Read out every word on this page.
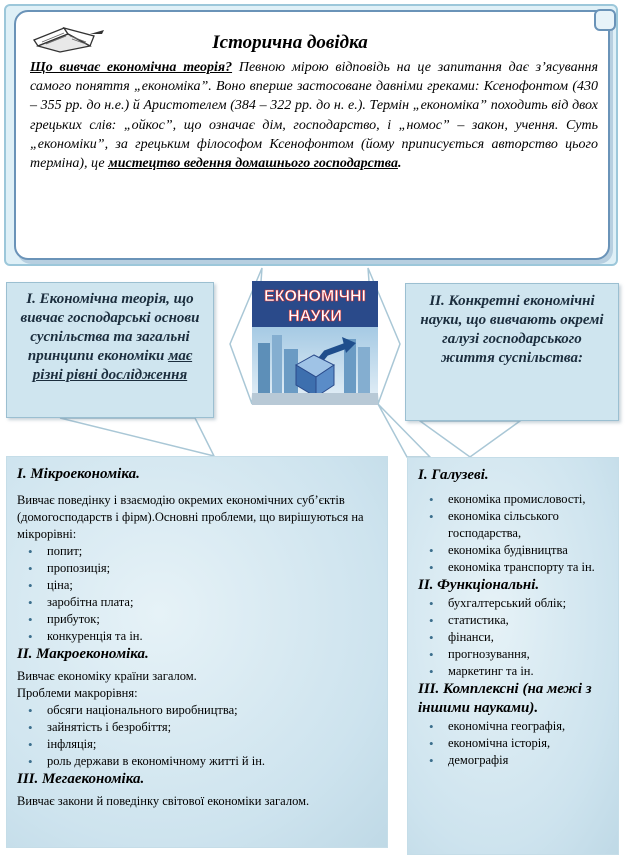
Історична довідка
Що вивчає економічна теорія? Певною мірою відповідь на це запитання дає з’ясування самого поняття „економіка”. Воно вперше застосоване давніми греками: Ксенофонтом (430 – 355 рр. до н.е.) й Аристотелем (384 – 322 рр. до н. е.). Термін „економіка” походить від двох грецьких слів: „ойкос”, що означає дім, господарство, і „номос” – закон, учення. Суть „економіки”, за грецьким філософом Ксенофонтом (йому приписується авторство цього терміна), це мистецтво ведення домашнього господарства.
I. Економічна теорія, що вивчає господарські основи суспільства та загальні принципи економіки має різні рівні дослідження
ЕКОНОМІЧНІ
НАУКИ
II. Конкретні економічні науки, що вивчають окремі галузі господарського життя суспільства:
І. Мікроекономіка.
Вивчає поведінку і взаємодію окремих економічних суб’єктів (домогосподарств і фірм).Основні проблеми, що вирішуються на мікрорівні:
• попит;
• пропозиція;
• ціна;
• заробітна плата;
• прибуток;
• конкуренція та ін.
ІІ. Макроекономіка.
Вивчає економіку країни загалом.
Проблеми макрорівня:
• обсяги національного виробництва;
• зайнятість і безробіття;
• інфляція;
• роль держави в економічному житті й ін.
III. Мегаекономіка.
Вивчає закони й поведінку світової економіки загалом.
І. Галузеві.
• економіка промисловості,
• економіка сільського господарства,
• економіка будівництва
• економіка транспорту та ін.
ІІ. Функціональні.
• бухгалтерський облік;
• статистика,
• фінанси,
• прогнозування,
• маркетинг та ін.
ІІІ. Комплексні (на межі з іншими науками).
• економічна географія,
• економічна історія,
• демографія
